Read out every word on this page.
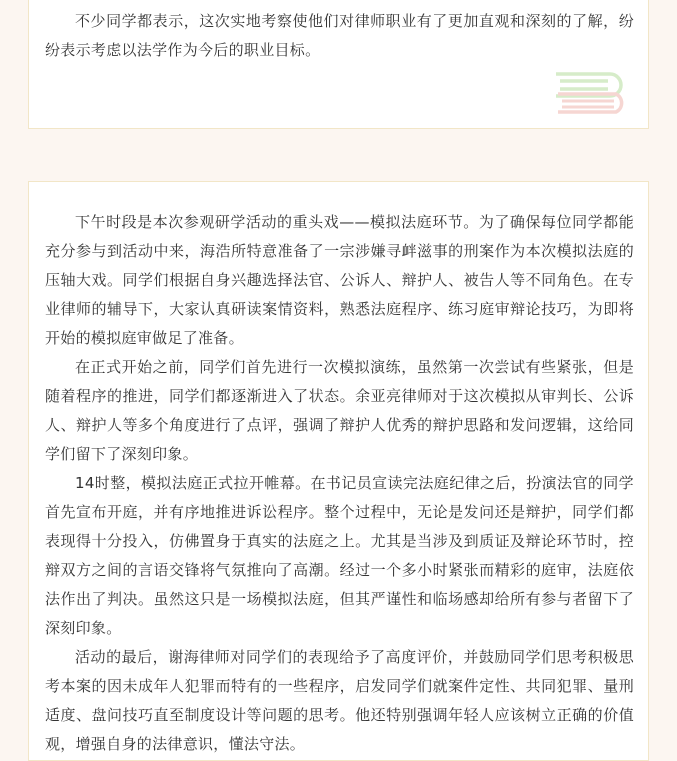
不少同学都表示，这次实地考察使他们对律师职业有了更加直观和深刻的了解，纷纷表示考虑以法学作为今后的职业目标。

下午时段是本次参观研学活动的重头戏——模拟法庭环节。为了确保每位同学都能充分参与到活动中来，海浩所特意准备了一宗涉嫌寻衅滋事的刑案作为本次模拟法庭的压轴大戏。同学们根据自身兴趣选择法官、公诉人、辩护人、被告人等不同角色。在专业律师的辅导下，大家认真研读案情资料，熟悉法庭程序、练习庭审辩论技巧，为即将开始的模拟庭审做足了准备。

在正式开始之前，同学们首先进行一次模拟演练，虽然第一次尝试有些紧张，但是随着程序的推进，同学们都逐渐进入了状态。余亚亮律师对于这次模拟从审判长、公诉人、辩护人等多个角度进行了点评，强调了辩护人优秀的辩护思路和发问逻辑，这给同学们留下了深刻印象。

14时整，模拟法庭正式拉开帷幕。在书记员宣读完法庭纪律之后，扮演法官的同学首先宣布开庭，并有序地推进诉讼程序。整个过程中，无论是发问还是辩护，同学们都表现得十分投入，仿佛置身于真实的法庭之上。尤其是当涉及到质证及辩论环节时，控辩双方之间的言语交锋将气氛推向了高潮。经过一个多小时紧张而精彩的庭审，法庭依法作出了判决。虽然这只是一场模拟法庭，但其严谨性和临场感却给所有参与者留下了深刻印象。

活动的最后，谢海律师对同学们的表现给予了高度评价，并鼓励同学们思考积极思考本案的因未成年人犯罪而特有的一些程序，启发同学们就案件定性、共同犯罪、量刑适度、盘问技巧直至制度设计等问题的思考。他还特别强调年轻人应该树立正确的价值观，增强自身的法律意识，懂法守法。
